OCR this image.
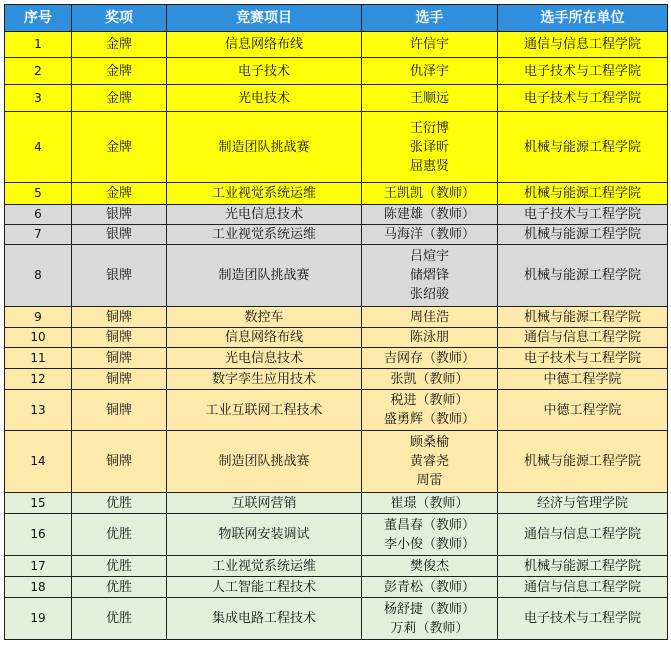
序号	奖项	竞赛项目	选手	选手所在单位
1	金牌	信息网络布线	许信宇	通信与信息工程学院
2	金牌	电子技术	仇泽宇	电子技术与工程学院
3	金牌	光电技术	王顺远	电子技术与工程学院
4	金牌	制造团队挑战赛	王衍博
张译昕
屈惠贤	机械与能源工程学院
5	金牌	工业视觉系统运维	王凯凯（教师）	机械与能源工程学院
6	银牌	光电信息技术	陈建雄（教师）	电子技术与工程学院
7	银牌	工业视觉系统运维	马海洋（教师）	机械与能源工程学院
8	银牌	制造团队挑战赛	吕煊宇
储熠锋
张绍骏	机械与能源工程学院
9	铜牌	数控车	周佳浩	机械与能源工程学院
10	铜牌	信息网络布线	陈泳朋	通信与信息工程学院
11	铜牌	光电信息技术	吉网存（教师）	电子技术与工程学院
12	铜牌	数字孪生应用技术	张凯（教师）	中德工程学院
13	铜牌	工业互联网工程技术	税进（教师）
盛勇辉（教师）	中德工程学院
14	铜牌	制造团队挑战赛	顾桑榆
黄睿尧
周雷	机械与能源工程学院
15	优胜	互联网营销	崔璟（教师）	经济与管理学院
16	优胜	物联网安装调试	董昌春（教师）
李小俊（教师）	通信与信息工程学院
17	优胜	工业视觉系统运维	樊俊杰	机械与能源工程学院
18	优胜	人工智能工程技术	彭青松（教师）	通信与信息工程学院
19	优胜	集成电路工程技术	杨舒捷（教师）
万莉（教师）	电子技术与工程学院
